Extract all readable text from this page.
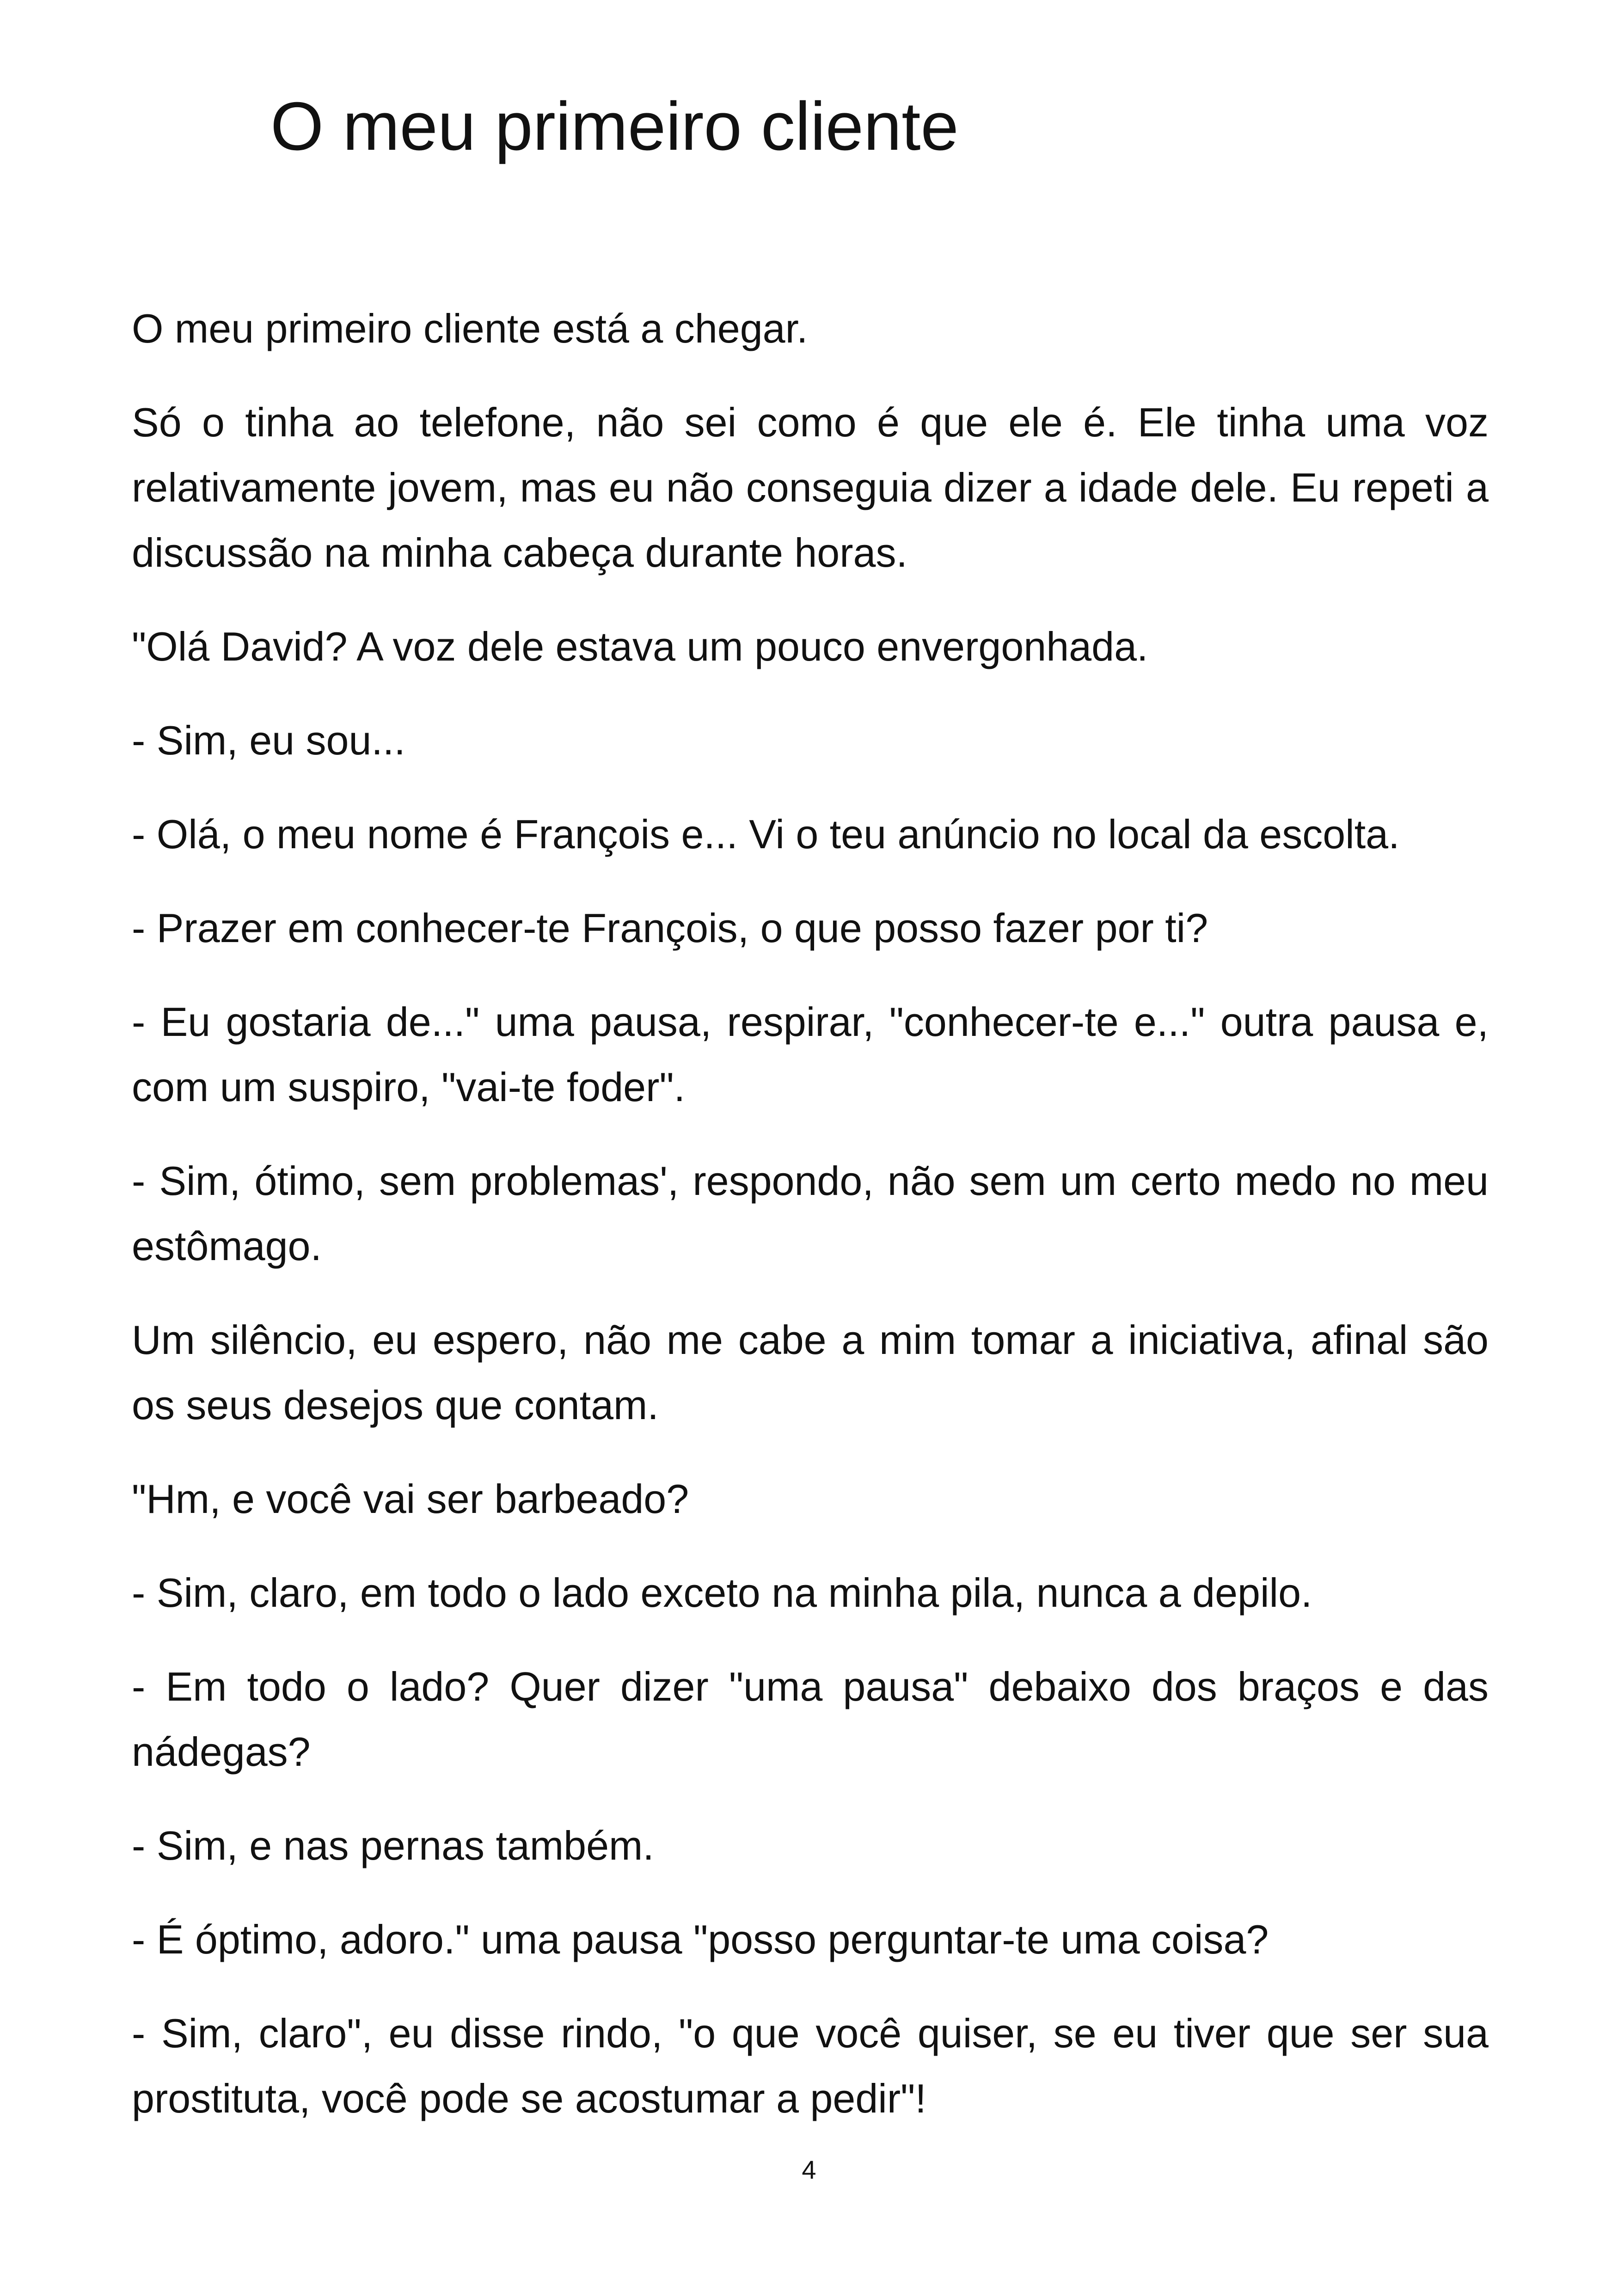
O meu primeiro cliente

O meu primeiro cliente está a chegar.

Só o tinha ao telefone, não sei como é que ele é. Ele tinha uma voz relativamente jovem, mas eu não conseguia dizer a idade dele. Eu repeti a discussão na minha cabeça durante horas.

"Olá David? A voz dele estava um pouco envergonhada.

- Sim, eu sou...

- Olá, o meu nome é François e... Vi o teu anúncio no local da escolta.

- Prazer em conhecer-te François, o que posso fazer por ti?

- Eu gostaria de..." uma pausa, respirar, "conhecer-te e..." outra pausa e, com um suspiro, "vai-te foder".

- Sim, ótimo, sem problemas', respondo, não sem um certo medo no meu estômago.

Um silêncio, eu espero, não me cabe a mim tomar a iniciativa, afinal são os seus desejos que contam.

"Hm, e você vai ser barbeado?

- Sim, claro, em todo o lado exceto na minha pila, nunca a depilo.

- Em todo o lado? Quer dizer "uma pausa" debaixo dos braços e das nádegas?

- Sim, e nas pernas também.

- É óptimo, adoro." uma pausa "posso perguntar-te uma coisa?

- Sim, claro", eu disse rindo, "o que você quiser, se eu tiver que ser sua prostituta, você pode se acostumar a pedir"!

4
